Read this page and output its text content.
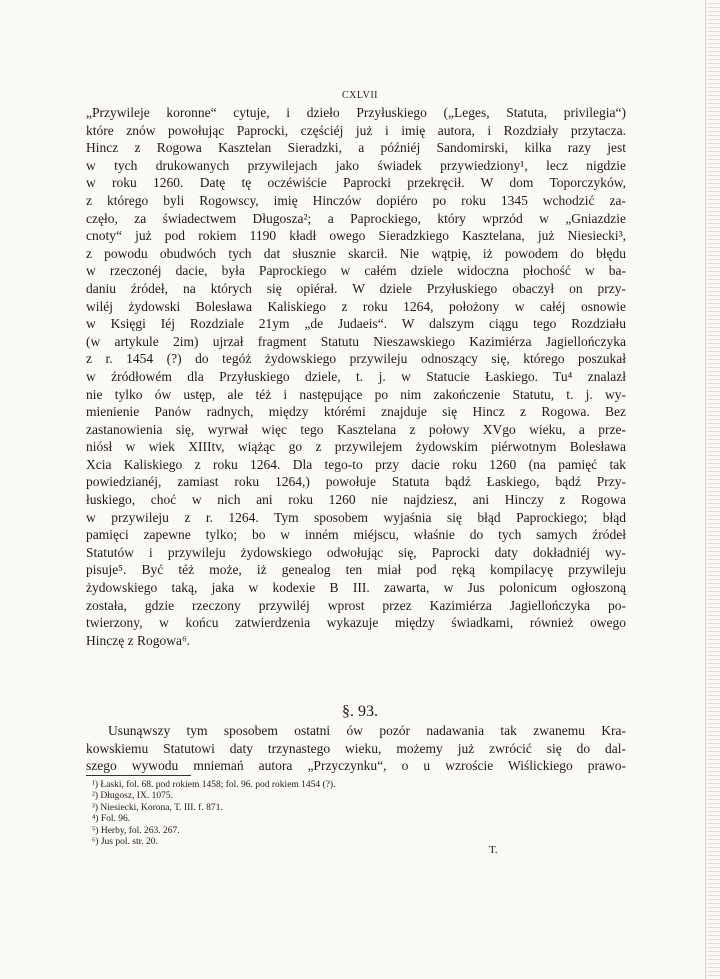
CXLVII
„Przywileje koronne“ cytuje, i dzieło Przyłuskiego („Leges, Statuta, privilegia“)
które znów powołując Paprocki, częściéj już i imię autora, i Rozdziały przytacza.
Hincz z Rogowa Kasztelan Sieradzki, a późniéj Sandomirski, kilka razy jest
w tych drukowanych przywilejach jako świadek przywiedziony¹, lecz nigdzie
w roku 1260. Datę tę oczéwiście Paprocki przekręcił. W dom Toporczyków,
z którego byli Rogowscy, imię Hinczów dopiéro po roku 1345 wchodzić za-
częło, za świadectwem Długosza²; a Paprockiego, który wprzód w „Gniazdzie
cnoty“ już pod rokiem 1190 kładł owego Sieradzkiego Kasztelana, już Niesiecki³,
z powodu obudwóch tych dat słusznie skarcił. Nie wątpię, iż powodem do błędu
w rzeczonéj dacie, była Paprockiego w całém dziele widoczna płochość w ba-
daniu źródeł, na których się opiérał. W dziele Przyłuskiego obaczył on przy-
wiléj żydowski Bolesława Kaliskiego z roku 1264, położony w całéj osnowie
w Księgi Iéj Rozdziale 21ym „de Judaeis“. W dalszym ciągu tego Rozdziału
(w artykule 2im) ujrzał fragment Statutu Nieszawskiego Kazimiérza Jagiellończyka
z r. 1454 (?) do tegóż żydowskiego przywileju odnoszący się, którego poszukał
w źródłowém dla Przyłuskiego dziele, t. j. w Statucie Łaskiego. Tu⁴ znalazł
nie tylko ów ustęp, ale téż i następujące po nim zakończenie Statutu, t. j. wy-
mienienie Panów radnych, między którémi znajduje się Hincz z Rogowa. Bez
zastanowienia się, wyrwał więc tego Kasztelana z połowy XVgo wieku, a prze-
niósł w wiek XIIItv, wiążąc go z przywilejem żydowskim piérwotnym Bolesława
Xcia Kaliskiego z roku 1264. Dla tego-to przy dacie roku 1260 (na pamięć tak
powiedzianéj, zamiast roku 1264,) powołuje Statuta bądź Łaskiego, bądź Przy-
łuskiego, choć w nich ani roku 1260 nie najdziesz, ani Hinczy z Rogowa
w przywileju z r. 1264. Tym sposobem wyjaśnia się błąd Paprockiego; błąd
pamięci zapewne tylko; bo w inném miéjscu, właśnie do tych samych źródeł
Statutów i przywileju żydowskiego odwołując się, Paprocki daty dokładniéj wy-
pisuje⁵. Być téż może, iż genealog ten miał pod ręką kompilacyę przywileju
żydowskiego taką, jaka w kodexie B III. zawarta, w Jus polonicum ogłoszoną
została, gdzie rzeczony przywiléj wprost przez Kazimiérza Jagiellończyka po-
twierzony, w końcu zatwierdzenia wykazuje między świadkami, również owego
Hinczę z Rogowa⁶.
§. 93.
Usunąwszy tym sposobem ostatni ów pozór nadawania tak zwanemu Kra-
kowskiemu Statutowi daty trzynastego wieku, możemy już zwrócić się do dal-
szego wywodu mniemań autora „Przyczynku“, o u wzroście Wiślickiego prawo-
¹) Łaski, fol. 68. pod rokiem 1458; fol. 96. pod rokiem 1454 (?).
²) Długosz, IX. 1075.
³) Niesiecki, Korona, T. III. f. 871.
⁴) Fol. 96.
⁵) Herby, fol. 263. 267.
⁶) Jus pol. str. 20.
T.
